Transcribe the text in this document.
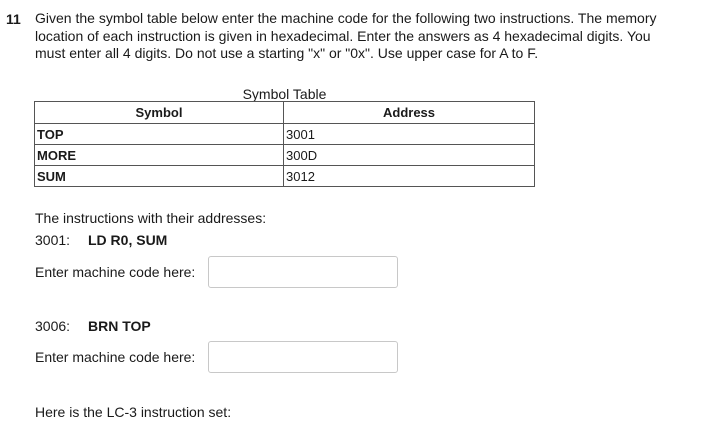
11 Given the symbol table below enter the machine code for the following two instructions. The memory location of each instruction is given in hexadecimal. Enter the answers as 4 hexadecimal digits. You must enter all 4 digits. Do not use a starting "x" or "0x". Use upper case for A to F.
Symbol Table
Symbol	Address
TOP	3001
MORE	300D
SUM	3012
The instructions with their addresses:
3001: LD R0, SUM
Enter machine code here:
3006: BRN TOP
Enter machine code here:
Here is the LC-3 instruction set:
